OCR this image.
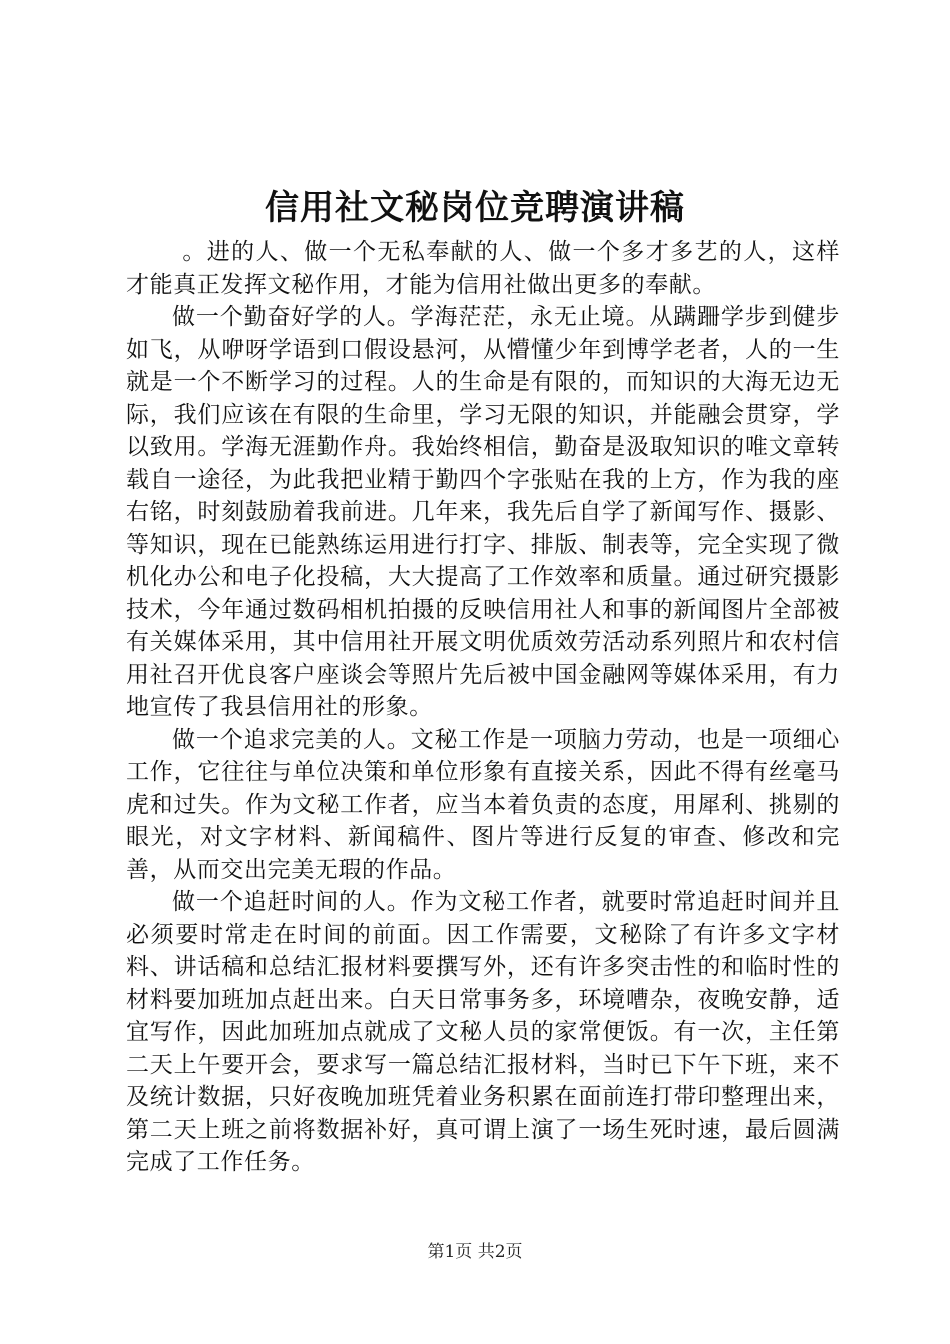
信用社文秘岗位竞聘演讲稿

。进的人、做一个无私奉献的人、做一个多才多艺的人，这样才能真正发挥文秘作用，才能为信用社做出更多的奉献。

做一个勤奋好学的人。学海茫茫，永无止境。从蹒跚学步到健步如飞，从咿呀学语到口假设悬河，从懵懂少年到博学老者，人的一生就是一个不断学习的过程。人的生命是有限的，而知识的大海无边无际，我们应该在有限的生命里，学习无限的知识，并能融会贯穿，学以致用。学海无涯勤作舟。我始终相信，勤奋是汲取知识的唯文章转载自一途径，为此我把业精于勤四个字张贴在我的上方，作为我的座右铭，时刻鼓励着我前进。几年来，我先后自学了新闻写作、摄影、等知识，现在已能熟练运用进行打字、排版、制表等，完全实现了微机化办公和电子化投稿，大大提高了工作效率和质量。通过研究摄影技术，今年通过数码相机拍摄的反映信用社人和事的新闻图片全部被有关媒体采用，其中信用社开展文明优质效劳活动系列照片和农村信用社召开优良客户座谈会等照片先后被中国金融网等媒体采用，有力地宣传了我县信用社的形象。

做一个追求完美的人。文秘工作是一项脑力劳动，也是一项细心工作，它往往与单位决策和单位形象有直接关系，因此不得有丝毫马虎和过失。作为文秘工作者，应当本着负责的态度，用犀利、挑剔的眼光，对文字材料、新闻稿件、图片等进行反复的审查、修改和完善，从而交出完美无瑕的作品。

做一个追赶时间的人。作为文秘工作者，就要时常追赶时间并且必须要时常走在时间的前面。因工作需要，文秘除了有许多文字材料、讲话稿和总结汇报材料要撰写外，还有许多突击性的和临时性的材料要加班加点赶出来。白天日常事务多，环境嘈杂，夜晚安静，适宜写作，因此加班加点就成了文秘人员的家常便饭。有一次，主任第二天上午要开会，要求写一篇总结汇报材料，当时已下午下班，来不及统计数据，只好夜晚加班凭着业务积累在面前连打带印整理出来，第二天上班之前将数据补好，真可谓上演了一场生死时速，最后圆满完成了工作任务。

第1页 共2页
